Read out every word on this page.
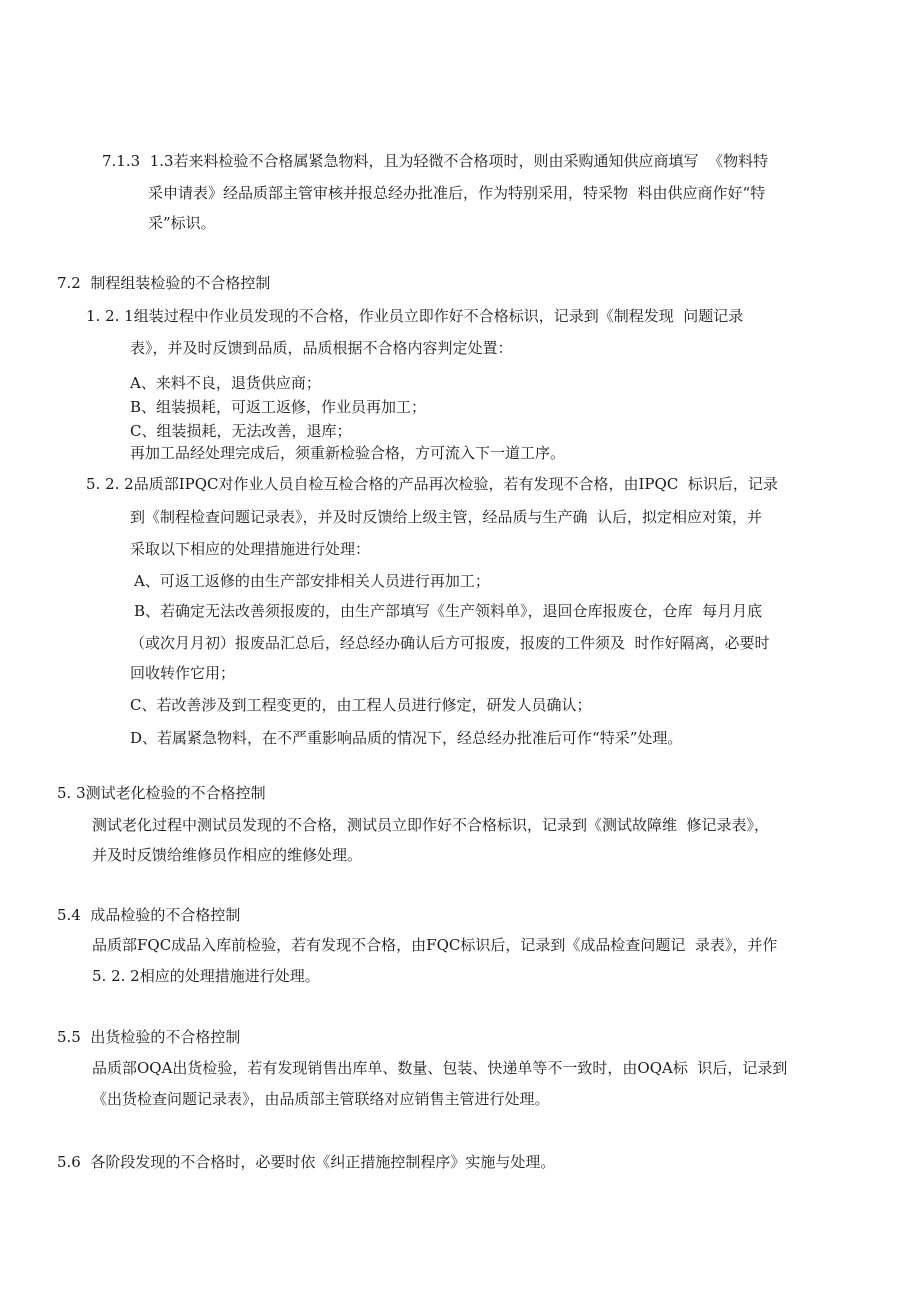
7.1.3  1.3若来料检验不合格属紧急物料，且为轻微不合格项时，则由采购通知供应商填写  《物料特
采申请表》经品质部主管审核并报总经办批准后，作为特别采用，特采物  料由供应商作好“特
采”标识。
7.2  制程组装检验的不合格控制
1. 2. 1组装过程中作业员发现的不合格，作业员立即作好不合格标识，记录到《制程发现  问题记录
表》，并及时反馈到品质，品质根据不合格内容判定处置：
A、来料不良，退货供应商；
B、组装损耗，可返工返修，作业员再加工；
C、组装损耗，无法改善，退库；
再加工品经处理完成后，须重新检验合格，方可流入下一道工序。
5. 2. 2品质部IPQC对作业人员自检互检合格的产品再次检验，若有发现不合格，由IPQC  标识后，记录
到《制程检查问题记录表》，并及时反馈给上级主管，经品质与生产确  认后，拟定相应对策，并
采取以下相应的处理措施进行处理：
A、可返工返修的由生产部安排相关人员进行再加工；
B、若确定无法改善须报废的，由生产部填写《生产领料单》，退回仓库报废仓，仓库  每月月底
（或次月月初）报废品汇总后，经总经办确认后方可报废，报废的工件须及  时作好隔离，必要时
回收转作它用；
C、若改善涉及到工程变更的，由工程人员进行修定，研发人员确认；
D、若属紧急物料，在不严重影响品质的情况下，经总经办批准后可作“特采”处理。
5. 3测试老化检验的不合格控制
测试老化过程中测试员发现的不合格，测试员立即作好不合格标识，记录到《测试故障维  修记录表》，
并及时反馈给维修员作相应的维修处理。
5.4  成品检验的不合格控制
品质部FQC成品入库前检验，若有发现不合格，由FQC标识后，记录到《成品检查问题记  录表》，并作
5. 2. 2相应的处理措施进行处理。
5.5  出货检验的不合格控制
品质部OQA出货检验，若有发现销售出库单、数量、包装、快递单等不一致时，由OQA标  识后，记录到
《出货检查问题记录表》，由品质部主管联络对应销售主管进行处理。
5.6  各阶段发现的不合格时，必要时依《纠正措施控制程序》实施与处理。
